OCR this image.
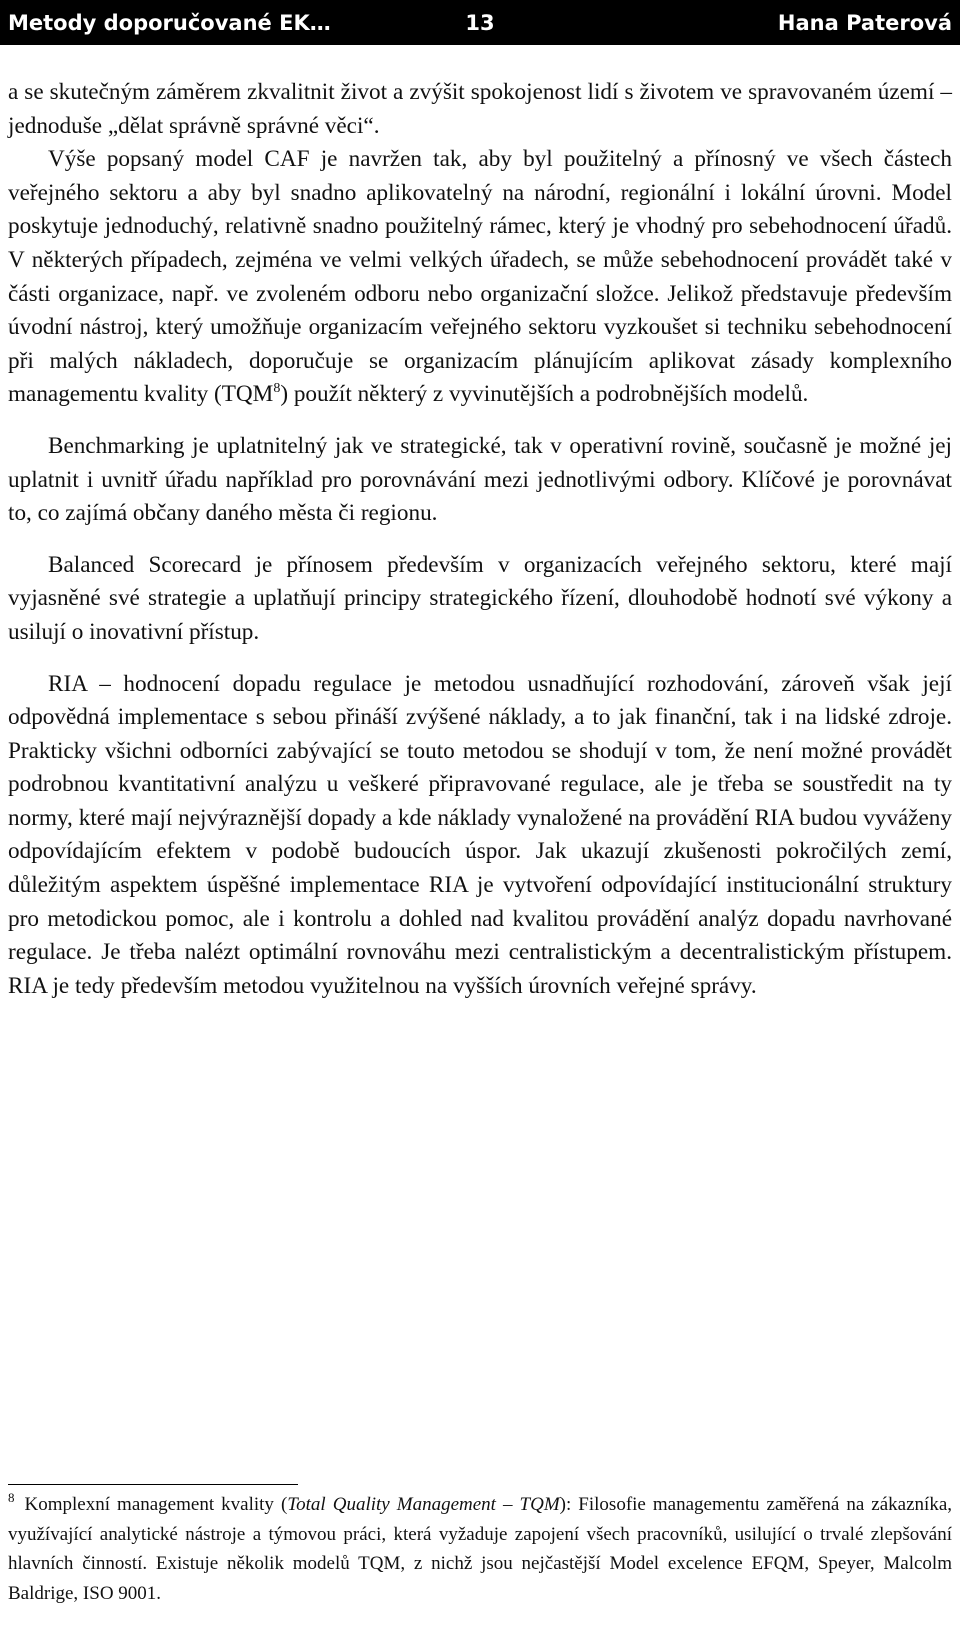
13
Metody doporučované EK…	Hana Paterová

a se skutečným záměrem zkvalitnit život a zvýšit spokojenost lidí s životem ve spravovaném území – jednoduše „dělat správně správné věci“.

Výše popsaný model CAF je navržen tak, aby byl použitelný a přínosný ve všech částech veřejného sektoru a aby byl snadno aplikovatelný na národní, regionální i lokální úrovni. Model poskytuje jednoduchý, relativně snadno použitelný rámec, který je vhodný pro sebehodnocení úřadů. V některých případech, zejména ve velmi velkých úřadech, se může sebehodnocení provádět také v části organizace, např. ve zvoleném odboru nebo organizační složce. Jelikož představuje především úvodní nástroj, který umožňuje organizacím veřejného sektoru vyzkoušet si techniku sebehodnocení při malých nákladech, doporučuje se organizacím plánujícím aplikovat zásady komplexního managementu kvality (TQM$^8$) použít některý z vyvinutějších a podrobnějších modelů.

Benchmarking je uplatnitelný jak ve strategické, tak v operativní rovině, současně je možné jej uplatnit i uvnitř úřadu například pro porovnávání mezi jednotlivými odbory. Klíčové je porovnávat to, co zajímá občany daného města či regionu.

Balanced Scorecard je přínosem především v organizacích veřejného sektoru, které mají vyjasněné své strategie a uplatňují principy strategického řízení, dlouhodobě hodnotí své výkony a usilují o inovativní přístup.

RIA – hodnocení dopadu regulace je metodou usnadňující rozhodování, zároveň však její odpovědná implementace s sebou přináší zvýšené náklady, a to jak finanční, tak i na lidské zdroje. Prakticky všichni odborníci zabývající se touto metodou se shodují v tom, že není možné provádět podrobnou kvantitativní analýzu u veškeré připravované regulace, ale je třeba se soustředit na ty normy, které mají nejvýraznější dopady a kde náklady vynaložené na provádění RIA budou vyváženy odpovídajícím efektem v podobě budoucích úspor. Jak ukazují zkušenosti pokročilých zemí, důležitým aspektem úspěšné implementace RIA je vytvoření odpovídající institucionální struktury pro metodickou pomoc, ale i kontrolu a dohled nad kvalitou provádění analýz dopadu navrhované regulace. Je třeba nalézt optimální rovnováhu mezi centralistickým a decentralistickým přístupem. RIA je tedy především metodou využitelnou na vyšších úrovních veřejné správy.

$^8$ Komplexní management kvality (Total Quality Management – TQM): Filosofie managementu zaměřená na zákazníka, využívající analytické nástroje a týmovou práci, která vyžaduje zapojení všech pracovníků, usilující o trvalé zlepšování hlavních činností. Existuje několik modelů TQM, z nichž jsou nejčastější Model excelence EFQM, Speyer, Malcolm Baldrige, ISO 9001.
